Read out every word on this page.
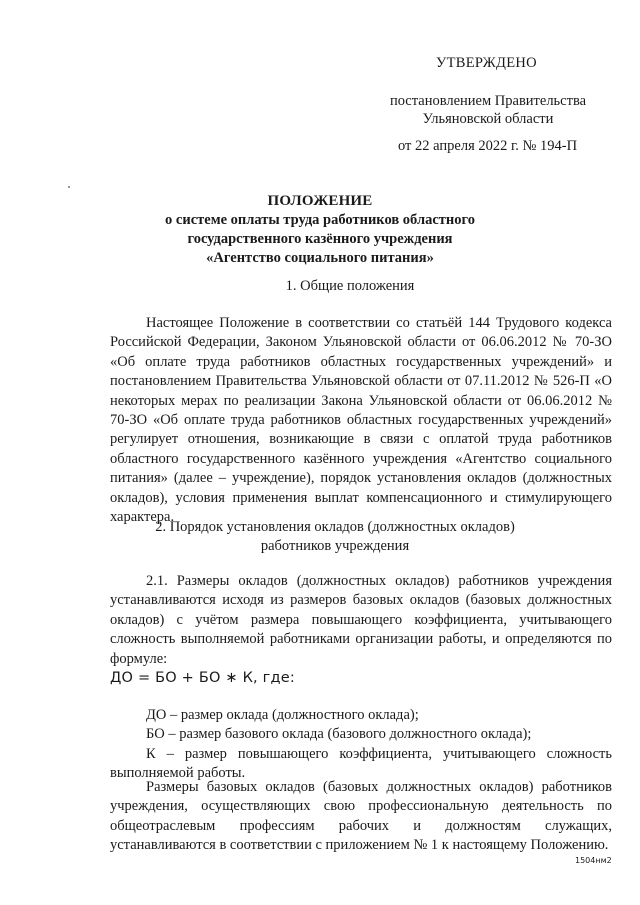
УТВЕРЖДЕНО
постановлением Правительства
Ульяновской области
от 22 апреля 2022 г. № 194-П
ПОЛОЖЕНИЕ
о системе оплаты труда работников областного
государственного казённого учреждения
«Агентство социального питания»
1. Общие положения
Настоящее Положение в соответствии со статьёй 144 Трудового кодекса Российской Федерации, Законом Ульяновской области от 06.06.2012 № 70-ЗО «Об оплате труда работников областных государственных учреждений» и постановлением Правительства Ульяновской области от 07.11.2012 № 526-П «О некоторых мерах по реализации Закона Ульяновской области от 06.06.2012 № 70-ЗО «Об оплате труда работников областных государственных учреждений» регулирует отношения, возникающие в связи с оплатой труда работников областного государственного казённого учреждения «Агентство социального питания» (далее – учреждение), порядок установления окладов (должностных окладов), условия применения выплат компенсационного и стимулирующего характера.
2. Порядок установления окладов (должностных окладов)
работников учреждения
2.1. Размеры окладов (должностных окладов) работников учреждения устанавливаются исходя из размеров базовых окладов (базовых должностных окладов) с учётом размера повышающего коэффициента, учитывающего сложность выполняемой работниками организации работы, и определяются по формуле:
ДО = БО + БО ∗ К, где:
ДО – размер оклада (должностного оклада);
БО – размер базового оклада (базового должностного оклада);
К – размер повышающего коэффициента, учитывающего сложность выполняемой работы.
Размеры базовых окладов (базовых должностных окладов) работников учреждения, осуществляющих свою профессиональную деятельность по общеотраслевым профессиям рабочих и должностям служащих, устанавливаются в соответствии с приложением № 1 к настоящему Положению.
1504нм2
